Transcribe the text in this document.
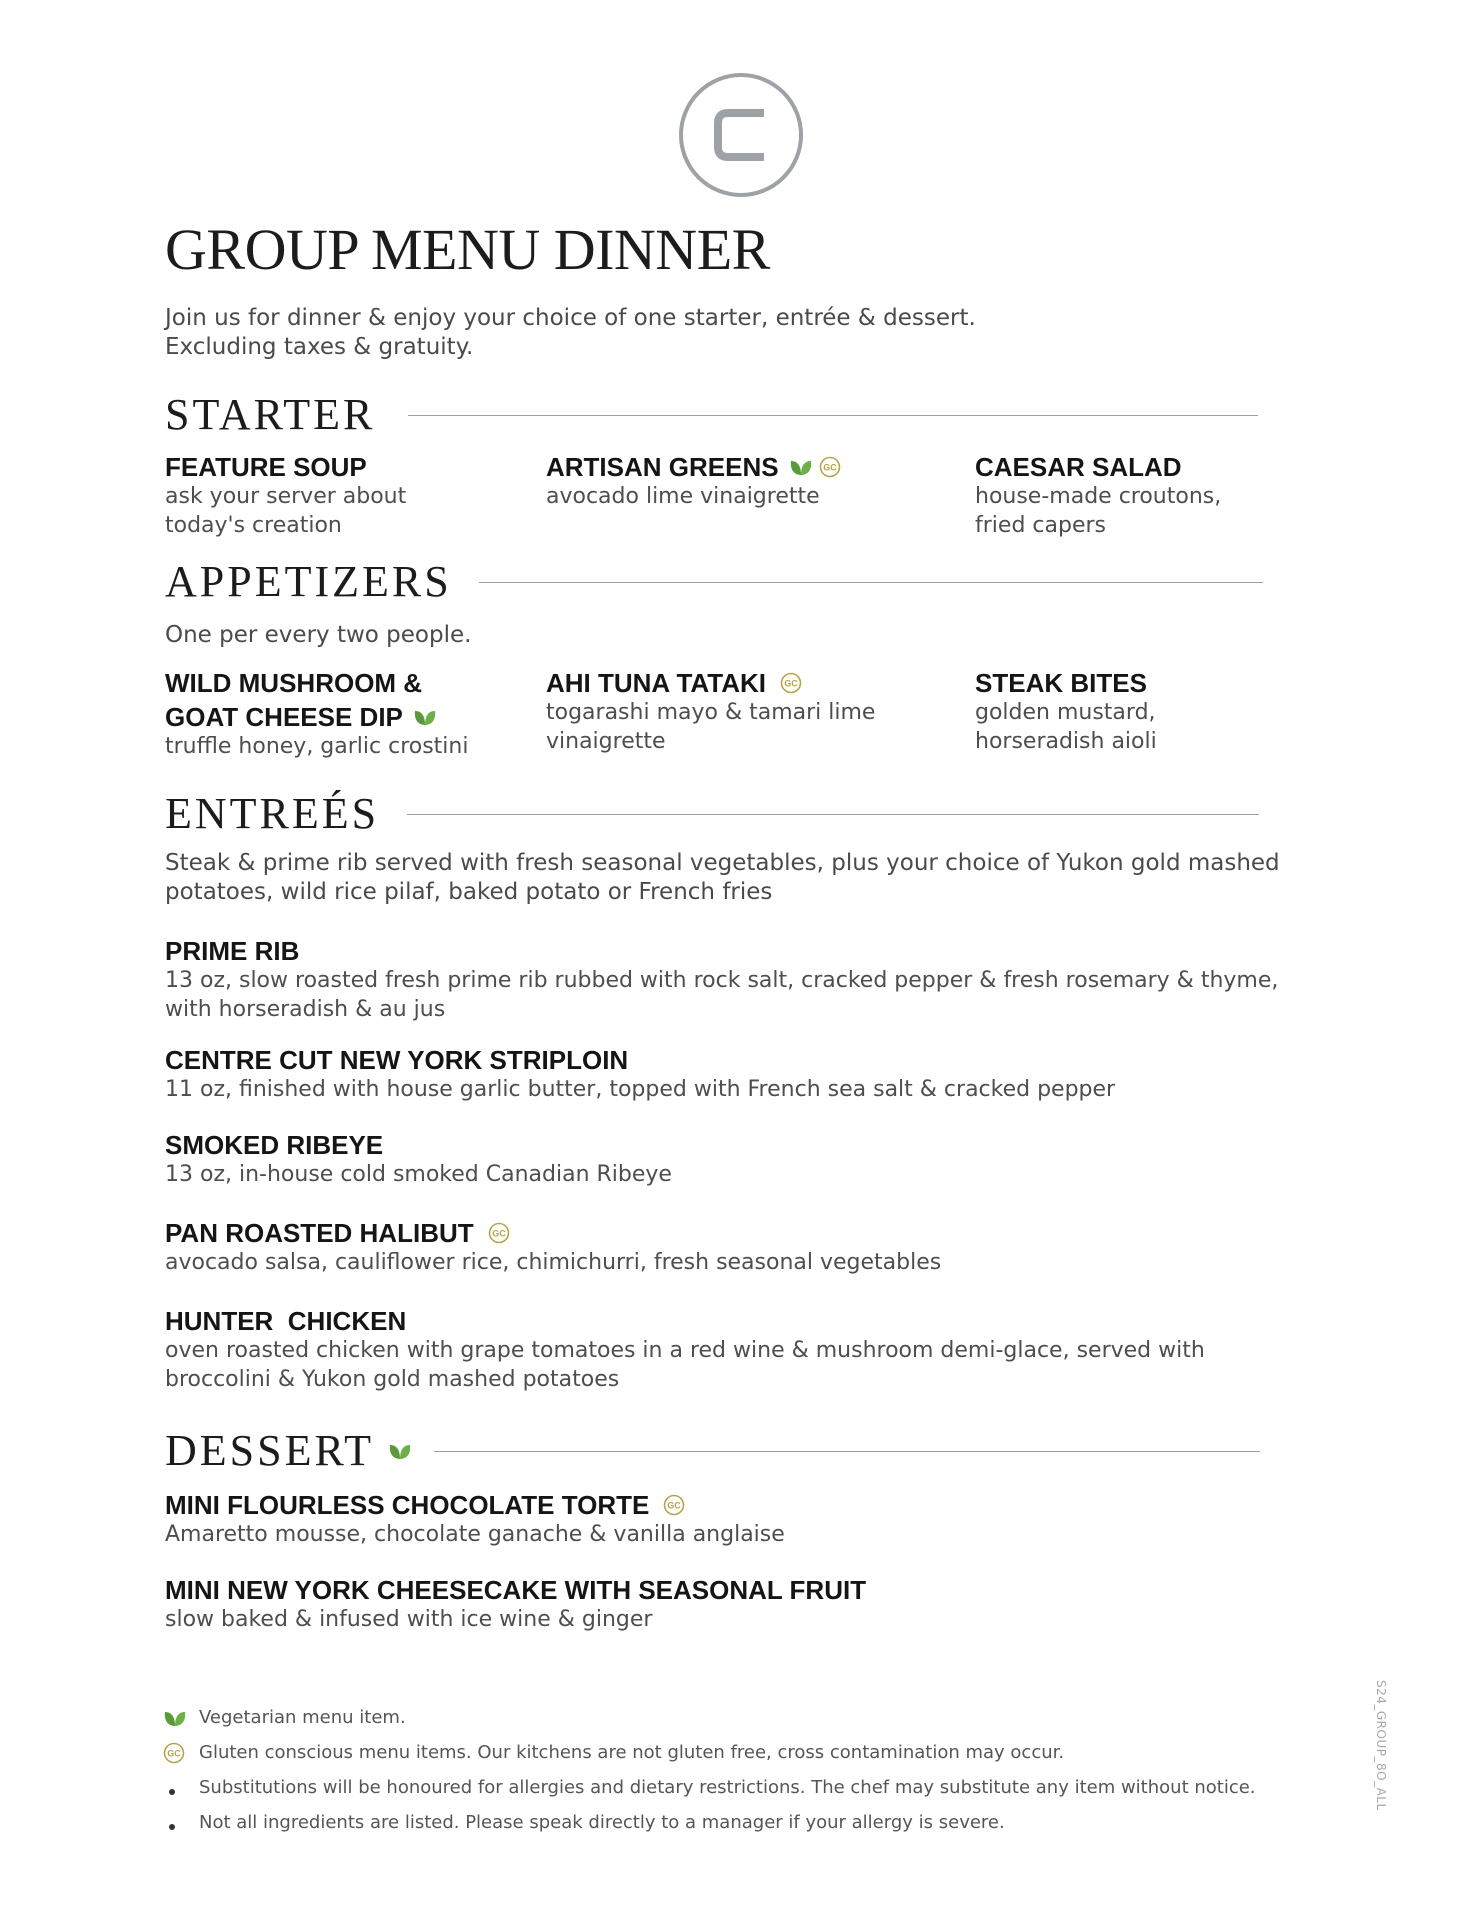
GROUP MENU DINNER

Join us for dinner & enjoy your choice of one starter, entrée & dessert.
Excluding taxes & gratuity.

STARTER

FEATURE SOUP

ask your server about
today's creation

ARTISAN GREENS	GC

avocado lime vinaigrette

CAESAR SALAD

house-made croutons,
fried capers

APPETIZERS

One per every two people.

WILD MUSHROOM &

GOAT CHEESE DIP

truffle honey, garlic crostini

AHI TUNA TATAKI GC

togarashi mayo & tamari lime
vinaigrette

STEAK BITES

golden mustard,
horseradish aioli

ENTREÉS

Steak & prime rib served with fresh seasonal vegetables, plus your choice of Yukon gold mashed
potatoes, wild rice pilaf, baked potato or French fries

PRIME RIB

13 oz, slow roasted fresh prime rib rubbed with rock salt, cracked pepper & fresh rosemary & thyme,
with horseradish & au jus

CENTRE CUT NEW YORK STRIPLOIN

11 oz, finished with house garlic butter, topped with French sea salt & cracked pepper

SMOKED RIBEYE

13 oz, in-house cold smoked Canadian Ribeye

PAN ROASTED HALIBUT GC

avocado salsa, cauliflower rice, chimichurri, fresh seasonal vegetables

HUNTER  CHICKEN

oven roasted chicken with grape tomatoes in a red wine & mushroom demi-glace, served with
broccolini & Yukon gold mashed potatoes

DESSERT

MINI FLOURLESS CHOCOLATE TORTE GC

Amaretto mousse, chocolate ganache & vanilla anglaise

MINI NEW YORK CHEESECAKE WITH SEASONAL FRUIT

slow baked & infused with ice wine & ginger

Vegetarian menu item.
GC Gluten conscious menu items. Our kitchens are not gluten free, cross contamination may occur.
Substitutions will be honoured for allergies and dietary restrictions. The chef may substitute any item without notice.
Not all ingredients are listed. Please speak directly to a manager if your allergy is severe.
S24_GROUP_8O_ALL
